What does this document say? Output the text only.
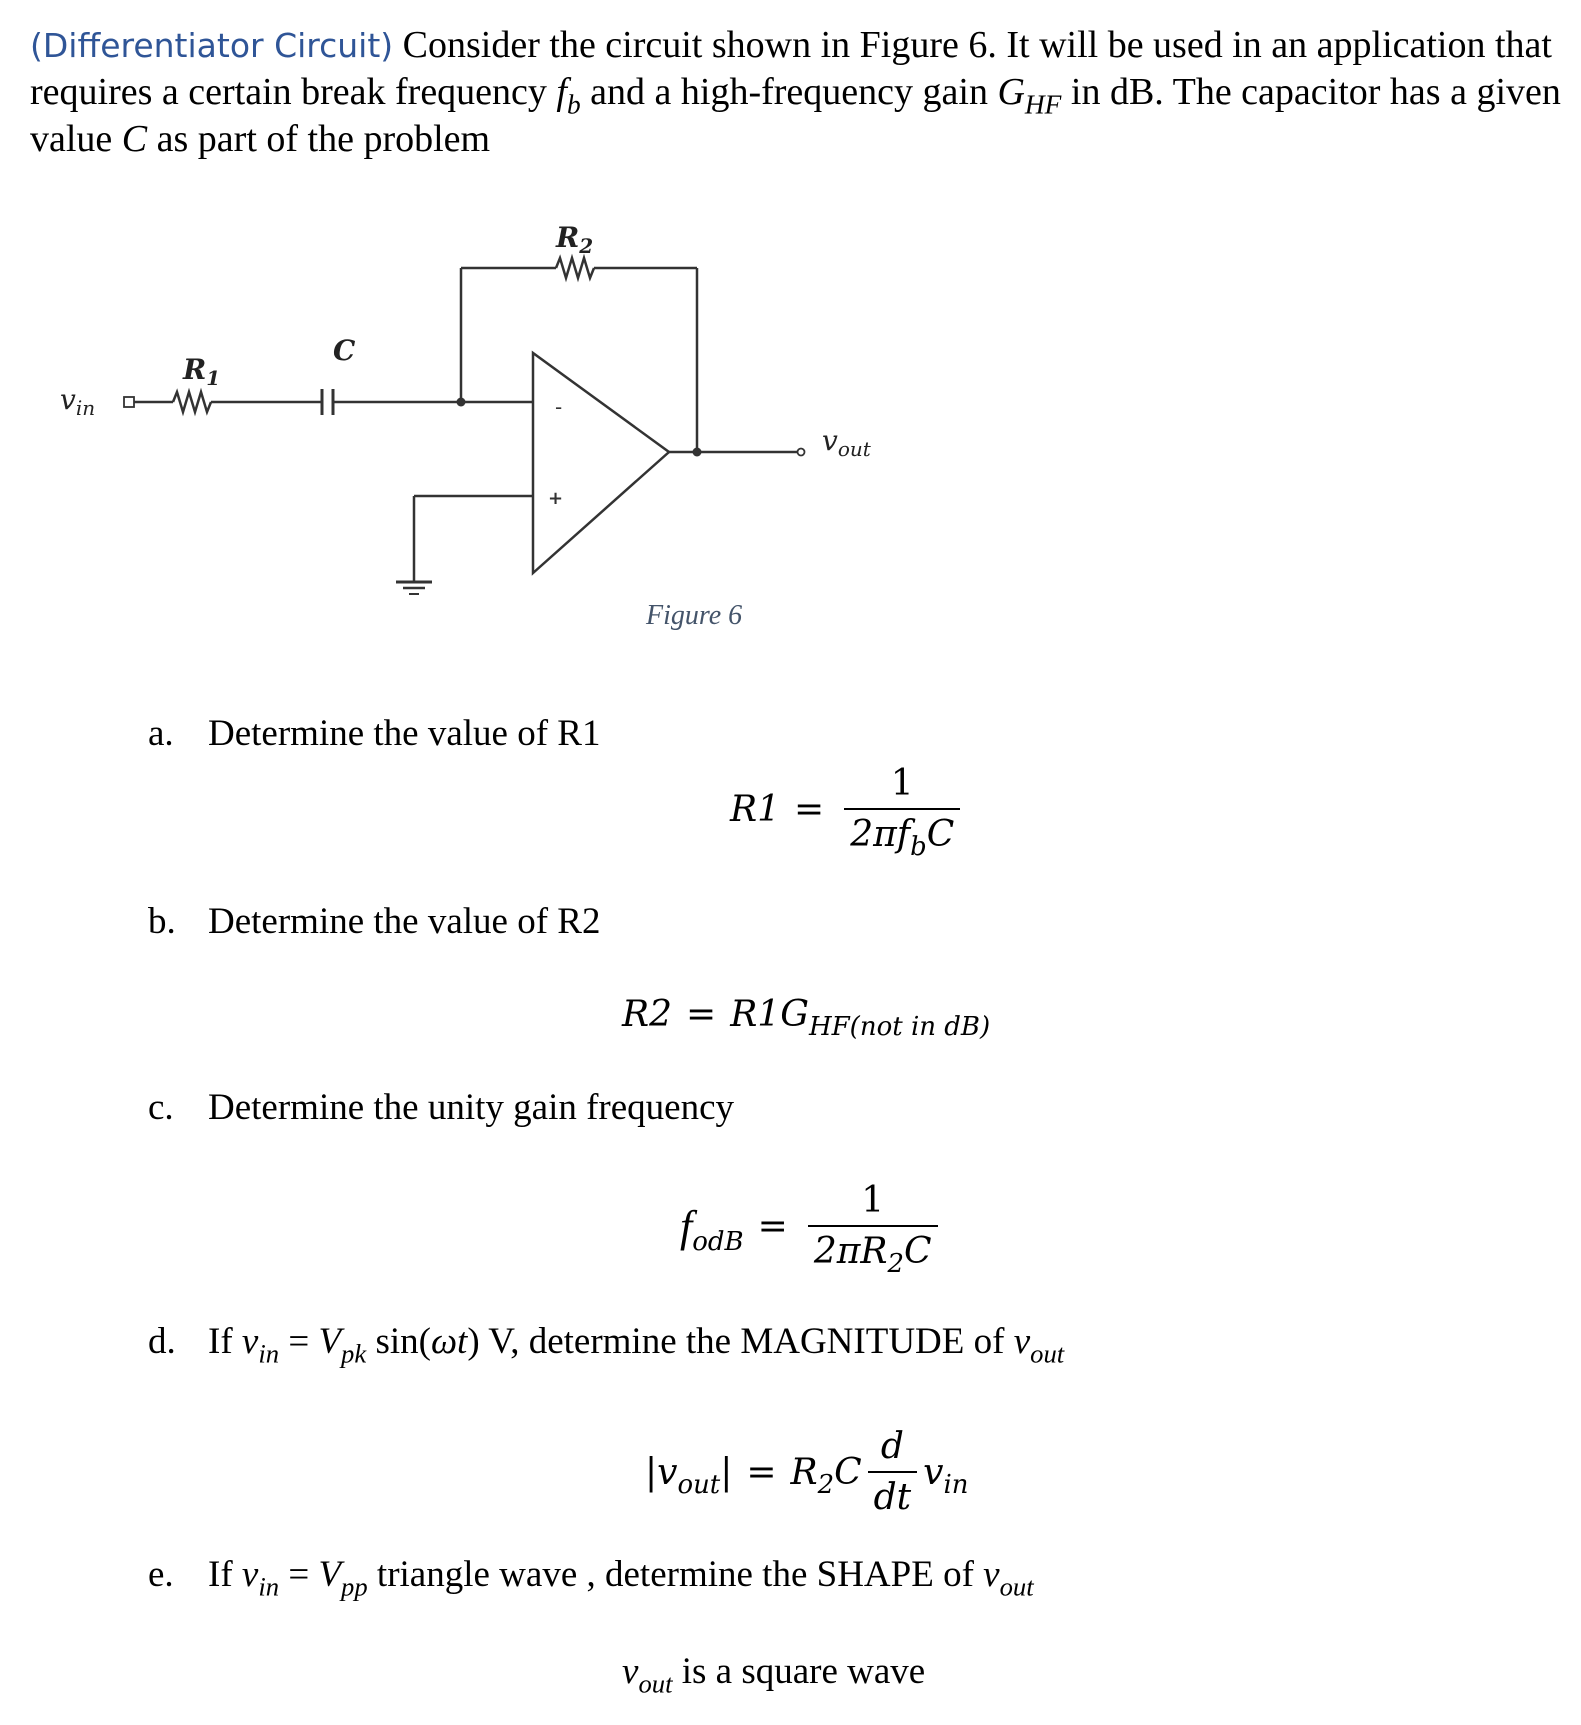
(Differentiator Circuit) Consider the circuit shown in Figure 6. It will be used in an application that requires a certain break frequency $f_b$ and a high-frequency gain $G_{HF}$ in dB. The capacitor has a given value C as part of the problem
$R_2$
$R_1$
C
$v_{in}$
$v_{out}$
-
+
Figure 6
a. Determine the value of R1
$R1 = \frac{1}{2\pi f_bC}$
b. Determine the value of R2
$R2 = R1G_{HF(not in dB)}$
c. Determine the unity gain frequency
$f_{odB} = \frac{1}{2\pi R_2C}$
d. If $v_{in} = V_{pk}$ sin(ωt) V, determine the MAGNITUDE of $v_{out}$
$|v_{out}| = R_2C \frac{d}{dt} v_{in}$
e. If $v_{in} = V_{pp}$ triangle wave , determine the SHAPE of $v_{out}$
$v_{out}$ is a square wave
